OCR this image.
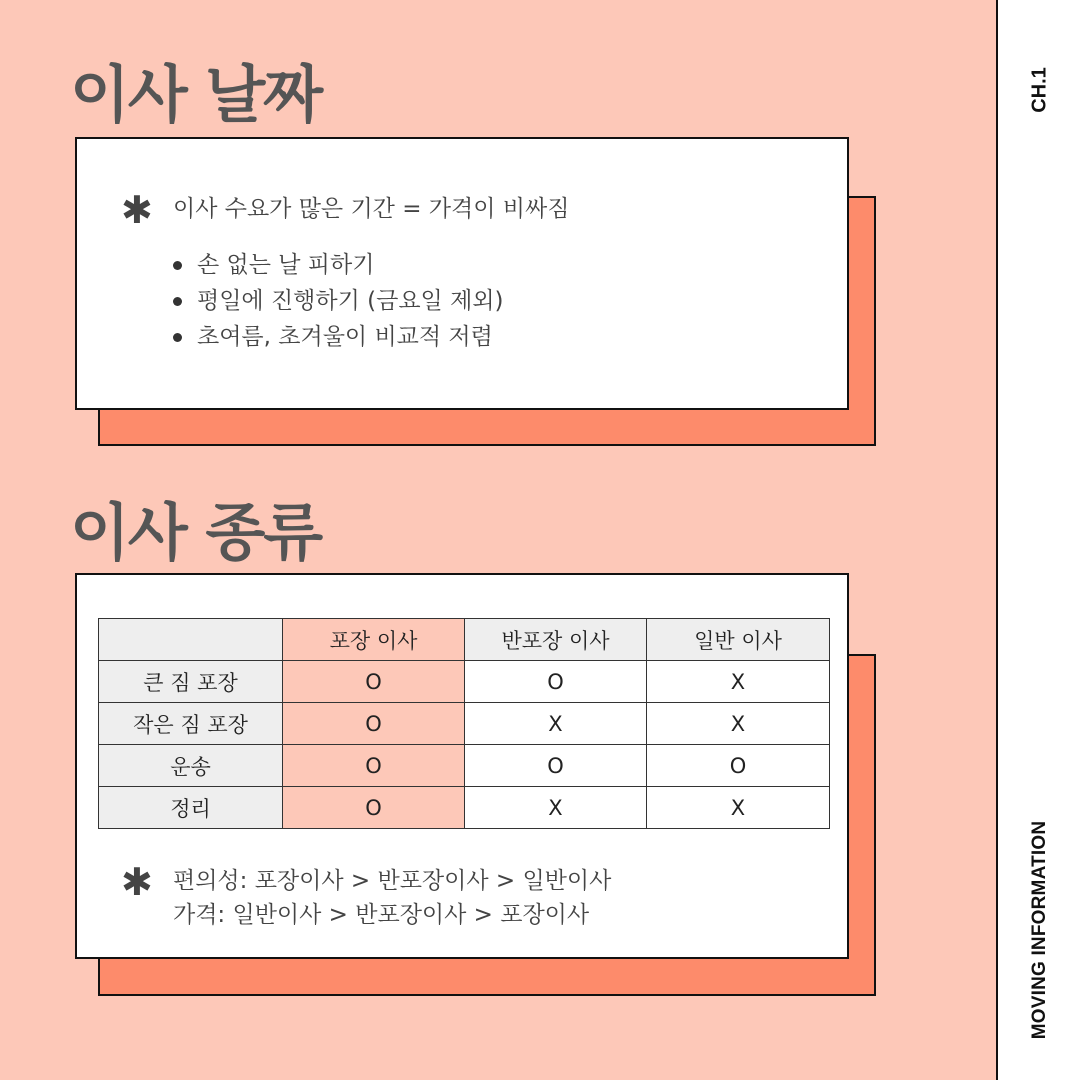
CH.1
MOVING INFORMATION
이사 날짜
✱ 이사 수요가 많은 기간 = 가격이 비싸짐
손 없는 날 피하기
평일에 진행하기 (금요일 제외)
초여름, 초겨울이 비교적 저렴
이사 종류
	포장 이사	반포장 이사	일반 이사
큰 짐 포장	O	O	X
작은 짐 포장	O	X	X
운송	O	O	O
정리	O	X	X
✱ 편의성: 포장이사 > 반포장이사 > 일반이사
가격: 일반이사 > 반포장이사 > 포장이사
